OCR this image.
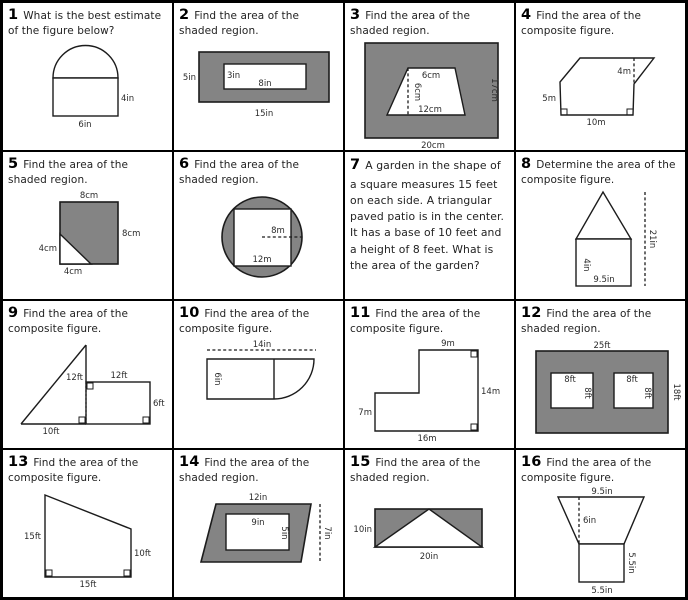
1 What is the best estimate of the figure below?
4in
6in
2 Find the area of the shaded region.
5in	3in
8in
15in
3 Find the area of the shaded region.
6cm
6cm
12cm
17cm
20cm
4 Find the area of the composite figure.
4m
5m
10m
5 Find the area of the shaded region.
8cm
8cm
4cm
4cm
6 Find the area of the shaded region.
8m
12m
7 A garden in the shape of a square measures 15 feet on each side. A triangular paved patio is in the center. It has a base of 10 feet and a height of 8 feet. What is the area of the garden?
8 Determine the area of the composite figure.
4in
9.5in
21in
9 Find the area of the composite figure.
12ft	12ft
6ft
10ft
10 Find the area of the composite figure.
14in
6in
11 Find the area of the composite figure.
9m
14m
7m
16m
12 Find the area of the shaded region.
25ft
18ft
8ft
8ft
8ft
8ft
13 Find the area of the composite figure.
15ft
10ft
15ft
14 Find the area of the shaded region.
12in
9in
5in	7in
15 Find the area of the shaded region.
10in
20in
16 Find the area of the composite figure.
9.5in
6in
5.5in
5.5in
